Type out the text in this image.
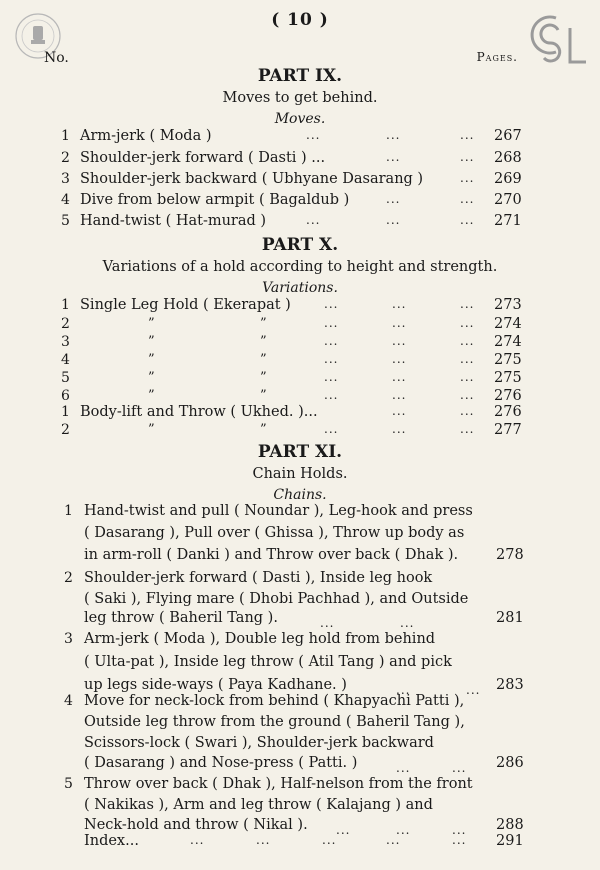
( 10 )
No.	Pages.
PART IX.
Moves to get behind.
Moves.
1 Arm-jerk ( Moda )	...	...	... 267
2 Shoulder-jerk forward ( Dasti ) ...	...	... 268
3 Shoulder-jerk backward ( Ubhyane Dasarang )	... 269
4 Dive from below armpit ( Bagaldub )	...	... 270
5 Hand-twist ( Hat-murad )	...	...	... 271
PART X.
Variations of a hold according to height and strength.
Variations.
1 Single Leg Hold ( Ekerapat )	...	...	... 273
2	”	”	...	...	... 274
3	”	”	...	...	... 274
4	”	”	...	...	... 275
5	”	”	...	...	... 275
6	”	”	...	...	... 276
1 Body-lift and Throw ( Ukhed. )...	...	... 276
2	”	”	...	...	... 277
PART XI.
Chain Holds.
Chains.
1 Hand-twist and pull ( Noundar ), Leg-hook and press
( Dasarang ), Pull over ( Ghissa ), Throw up body as
in arm-roll ( Danki ) and Throw over back ( Dhak ).	278
2 Shoulder-jerk forward ( Dasti ), Inside leg hook
( Saki ), Flying mare ( Dhobi Pachhad ), and Outside
leg throw ( Baheril Tang ).	...	...	281
3 Arm-jerk ( Moda ), Double leg hold from behind
( Ulta-pat ), Inside leg throw ( Atil Tang ) and pick
up legs side-ways ( Paya Kadhane. )	...	... 283
4 Move for neck-lock from behind ( Khapyachi Patti ),
Outside leg throw from the ground ( Baheril Tang ),
Scissors-lock ( Swari ), Shoulder-jerk backward
( Dasarang ) and Nose-press ( Patti. )	...	... 286
5 Throw over back ( Dhak ), Half-nelson from the front
( Nakikas ), Arm and leg throw ( Kalajang ) and
Neck-hold and throw ( Nikal ). ...	...	... 288
Index...	...	...	...	...	... 291
